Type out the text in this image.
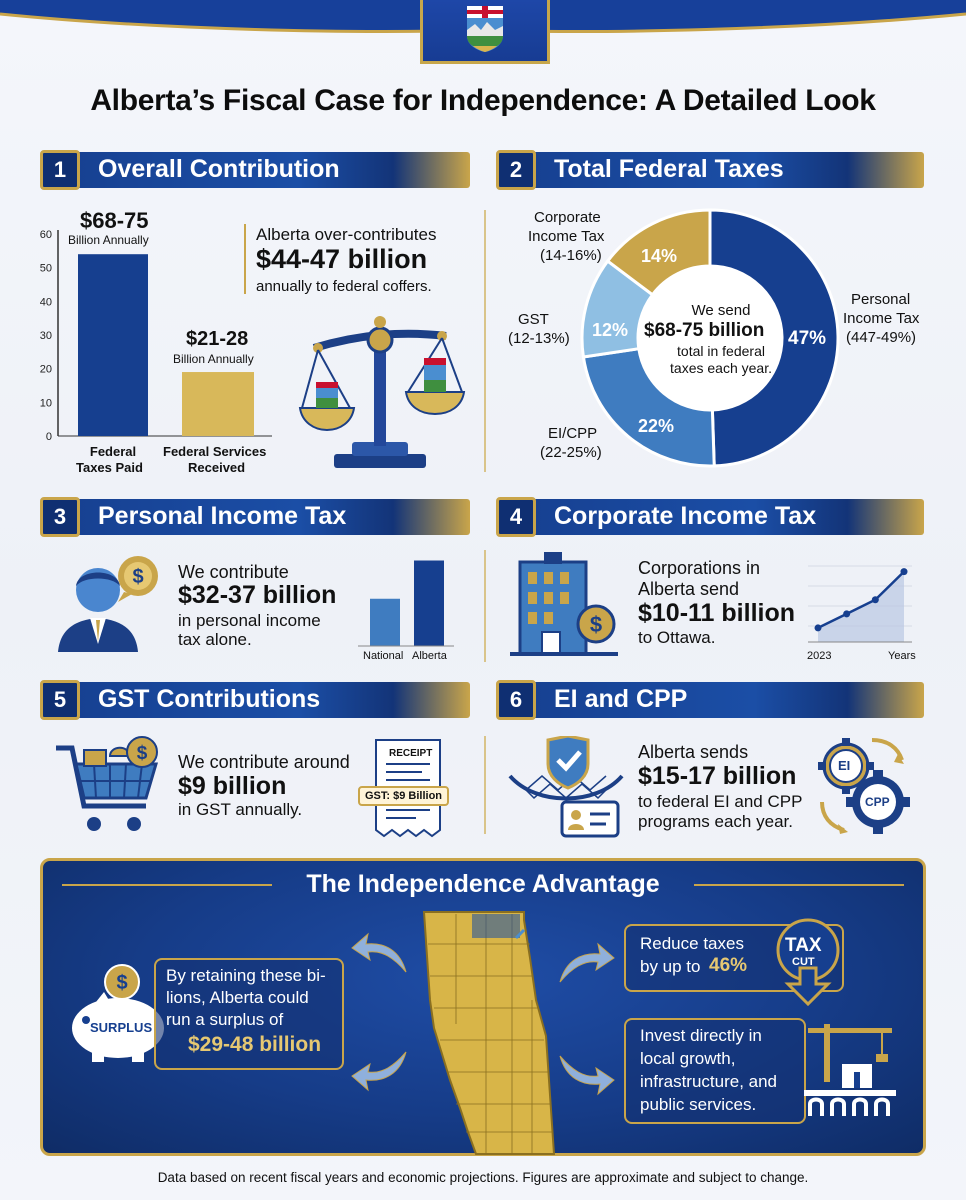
Alberta’s Fiscal Case for Independence: A Detailed Look
1	Overall Contribution
$68-75
Billion Annually
0
10
20
30
40
50
60
$21-28
Billion Annually
Federal
Taxes Paid
Federal Services
Received
Alberta over-contributes
$44-47 billion
annually to federal coffers.
2	Total Federal Taxes
14%
12%
22%
47%
We send
$68-75 billion
total in federal
taxes each year.
Corporate
Income Tax
(14-16%)
GST
(12-13%)
EI/CPP
(22-25%)
Personal
Income Tax
(447-49%)
3	Personal Income Tax
$ We contribute
$32-37 billion
in personal income
tax alone.
National Alberta
4	Corporate Income Tax
$
Corporations in
Alberta send
$10-11 billion
to Ottawa.
2023	Years
5	GST Contributions
$ We contribute around
$9 billion
in GST annually.
RECEIPT
GST: $9 Billion
6	EI and CPP
Alberta sends
$15-17 billion
to federal EI and CPP
programs each year.
EI
CPP
The Independence Advantage
$
SURPLUS
By retaining these bi-
lions, Alberta could
run a surplus of
$29-48 billion
Reduce taxes
by up to 46%
TAX
CUT
Invest directly in
local growth,
infrastructure, and
public services.
Data based on recent fiscal years and economic projections. Figures are approximate and subject to change.
